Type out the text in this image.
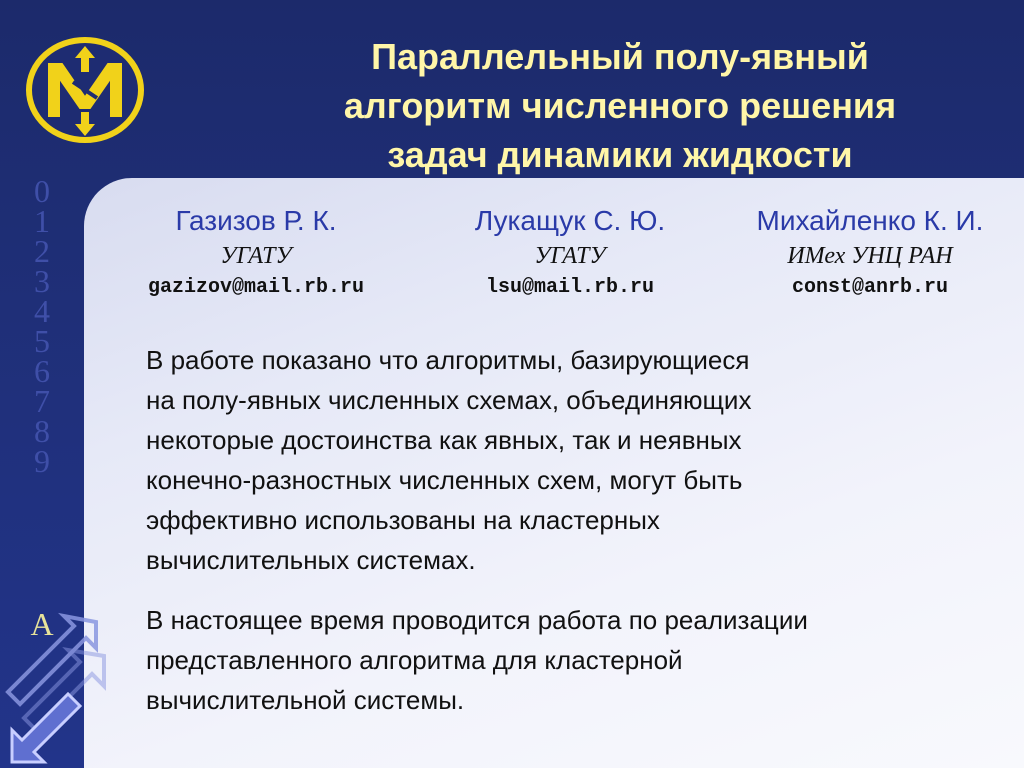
Параллельный полу-явный
алгоритм численного решения
задач динамики жидкости
0
1
2
3
4
5
6
7
8
9
A
Газизов Р. К.
УГАТУ
gazizov@mail.rb.ru
Лукащук С. Ю.
УГАТУ
lsu@mail.rb.ru
Михайленко К. И.
ИМех УНЦ РАН
const@anrb.ru
В работе показано что алгоритмы, базирующиеся
на полу-явных численных схемах, объединяющих
некоторые достоинства как явных, так и неявных
конечно-разностных численных схем, могут быть
эффективно использованы на кластерных
вычислительных системах.
В настоящее время проводится работа по реализации
представленного алгоритма для кластерной
вычислительной системы.
